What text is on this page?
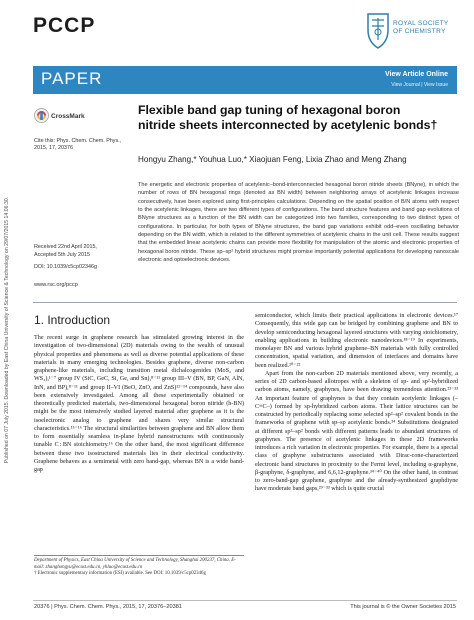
Published on 07 July 2015. Downloaded by East China University of Science & Technology on 29/07/2015 14:06:30.
PCCP	ROYAL SOCIETY OF CHEMISTRY
PAPER	View Article Online
View Journal | View Issue
CrossMark
Cite this: Phys. Chem. Chem. Phys.,
2015, 17, 20376
Received 22nd April 2015,
Accepted 5th July 2015
DOI: 10.1039/c5cp02346g
www.rsc.org/pccp
Flexible band gap tuning of hexagonal boron nitride sheets interconnected by acetylenic bonds†
Hongyu Zhang,* Youhua Luo,* Xiaojuan Feng, Lixia Zhao and Meng Zhang
The energetic and electronic properties of acetylenic–bond-interconnected hexagonal boron nitride sheets (BNyne), in which the number of rows of BN hexagonal rings (denoted as BN width) between neighboring arrays of acetylenic linkages increase consecutively, have been explored using first-principles calculations. Depending on the spatial position of B/N atoms with respect to the acetylenic linkages, there are two different types of configurations. The band structure features and band gap evolutions of BNyne structures as a function of the BN width can be categorized into two families, corresponding to two distinct types of configurations. In particular, for both types of BNyne structures, the band gap variations exhibit odd–even oscillating behavior depending on the BN width, which is related to the different symmetries of acetylenic chains in the unit cell. These results suggest that the embedded linear acetylenic chains can provide more flexibility for manipulation of the atomic and electronic properties of hexagonal boron nitride. These sp–sp² hybrid structures might promise importantly potential applications for developing nanoscale electronic and optoelectronic devices.
1. Introduction

The recent surge in graphene research has stimulated growing interest in the investigation of two-dimensional (2D) materials owing to the wealth of unusual physical properties and phenomena as well as diverse potential applications of these materials in many emerging technologies. Besides graphene, diverse non-carbon graphene-like materials, including transition metal dichalcogenides (MoS₂ and WS₂),¹⁻⁷ group IV (SiC, GeC, Si, Ge, and Sn),⁸⁻¹¹ group III–V (BN, BP, GaN, AlN, InN, and BP),⁸⁻¹¹ and group II–VI (BeO, ZnO, and ZnS)¹²⁻¹⁴ compounds, have also been extensively investigated. Among all these experimentally obtained or theoretically predicted materials, two-dimensional hexagonal boron nitride (h-BN) might be the most intensively studied layered material after graphene as it is the isoelectronic analog to graphene and shares very similar structural characteristics.¹⁵⁻¹⁶ The structural similarities between graphene and BN allow them to form essentially seamless in-plane hybrid nanostructures with continuously tunable C : BN stoichiometry.¹⁶ On the other hand, the most significant difference between these two isostructured materials lies in their electrical conductivity. Graphene behaves as a semimetal with zero band-gap, whereas BN is a wide band-gap

semiconductor, which limits their practical applications in electronic devices.¹⁷ Consequently, this wide gap can be bridged by combining graphene and BN to develop semiconducting hexagonal layered structures with varying stoichiometry, enabling applications in building electronic nanodevices.¹⁸⁻¹⁹ In experiments, monolayer BN and various hybrid graphene–BN materials with fully controlled concentration, spatial variation, and dimension of interfaces and domains have been realized.²⁰⁻²²

Apart from the non-carbon 2D materials mentioned above, very recently, a series of 2D carbon-based allotropes with a skeleton of sp- and sp²-hybridized carbon atoms, namely, graphynes, have been drawing tremendous attention.²³⁻³³ An important feature of graphynes is that they contain acetylenic linkages (–C≡C–) formed by sp-hybridized carbon atoms. Their lattice structures can be constructed by periodically replacing some selected sp²–sp² covalent bonds in the frameworks of graphene with sp–sp acetylenic bonds.³⁴ Substitutions designated at different sp²–sp² bonds with different patterns leads to abundant structures of graphynes. The presence of acetylenic linkages in these 2D frameworks introduces a rich variation in electronic properties. For example, there is a special class of graphyne substructures associated with Dirac-cone-characterized electronic band structures in proximity to the Fermi level, including α-graphyne, β-graphyne, δ-graphyne, and 6,6,12-graphyne.³⁴⁻⁴⁰ On the other hand, in contrast to zero-band-gap graphene, graphyne and the already-synthesized graphdiyne have moderate band gaps,²⁹⁻³³ which is quite crucial

Department of Physics, East China University of Science and Technology, Shanghai 200237, China. E-mail: zhanghongyu@ecust.edu.cn, yhluo@ecust.edu.cn
† Electronic supplementary information (ESI) available. See DOI: 10.1039/c5cp02346g
20376 | Phys. Chem. Chem. Phys., 2015, 17, 20376–20381	This journal is © the Owner Societies 2015
